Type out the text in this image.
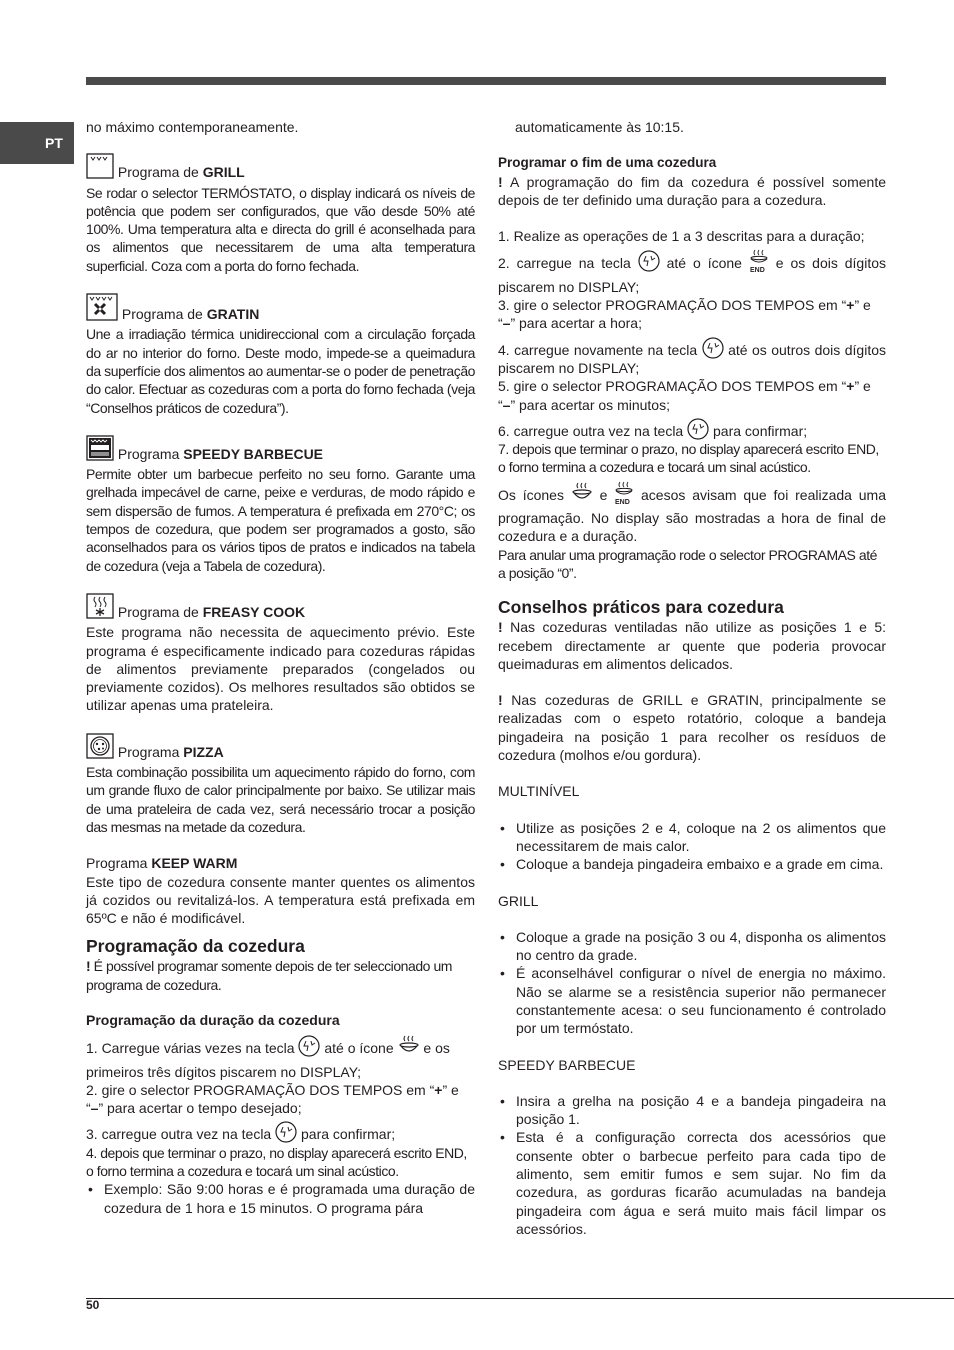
PT

no máximo contemporaneamente.

Programa de GRILL

Se rodar o selector TERMÓSTATO, o display indicará os níveis de potência que podem ser configurados, que vão desde 50% até 100%. Uma temperatura alta e directa do grill é aconselhada para os alimentos que necessitarem de uma alta temperatura superficial. Coza com a porta do forno fechada.

Programa de GRATIN

Une a irradiação térmica unidireccional com a circulação forçada do ar no interior do forno. Deste modo, impede-se a queimadura da superfície dos alimentos ao aumentar-se o poder de penetração do calor. Efectuar as cozeduras com a porta do forno fechada (veja “Conselhos práticos de cozedura”).

Programa SPEEDY BARBECUE

Permite obter um barbecue perfeito no seu forno. Garante uma grelhada impecável de carne, peixe e verduras, de modo rápido e sem dispersão de fumos. A temperatura é prefixada em 270°C; os tempos de cozedura, que podem ser programados a gosto, são aconselhados para os vários tipos de pratos e indicados na tabela de cozedura (veja a Tabela de cozedura).

Programa de FREASY COOK

Este programa não necessita de aquecimento prévio. Este programa é especificamente indicado para cozeduras rápidas de alimentos previamente preparados (congelados ou previamente cozidos). Os melhores resultados são obtidos se utilizar apenas uma prateleira.

Programa PIZZA

Esta combinação possibilita um aquecimento rápido do forno, com um grande fluxo de calor principalmente por baixo. Se utilizar mais de uma prateleira de cada vez, será necessário trocar a posição das mesmas na metade da cozedura.

Programa KEEP WARM

Este tipo de cozedura consente manter quentes os alimentos já cozidos ou revitalizá-los. A temperatura está prefixada em 65ºC e não é modificável.

Programação da cozedura

! É possível programar somente depois de ter seleccionado um programa de cozedura.

Programação da duração da cozedura

1. Carregue várias vezes na tecla  até o ícone  e os primeiros três dígitos piscarem no DISPLAY;

2. gire o selector PROGRAMAÇÃO DOS TEMPOS em “+” e “–” para acertar o tempo desejado;

3. carregue outra vez na tecla  para confirmar;

4. depois que terminar o prazo, no display aparecerá escrito END, o forno termina a cozedura e tocará um sinal acústico.

• Exemplo: São 9:00 horas e é programada uma duração de cozedura de 1 hora e 15 minutos. O programa pára

automaticamente às 10:15.

Programar o fim de uma cozedura

! A programação do fim da cozedura é possível somente depois de ter definido uma duração para a cozedura.

1. Realize as operações de 1 a 3 descritas para a duração;

2. carregue na tecla  até o ícone END e os dois dígitos piscarem no DISPLAY;

3. gire o selector PROGRAMAÇÃO DOS TEMPOS em “+” e “–” para acertar a hora;

4. carregue novamente na tecla  até os outros dois dígitos piscarem no DISPLAY;

5. gire o selector PROGRAMAÇÃO DOS TEMPOS em “+” e “–” para acertar os minutos;

6. carregue outra vez na tecla  para confirmar;

7. depois que terminar o prazo, no display aparecerá escrito END, o forno termina a cozedura e tocará um sinal acústico.

Os ícones  e END acesos avisam que foi realizada uma programação. No display são mostradas a hora de final de cozedura e a duração.

Para anular uma programação rode o selector PROGRAMAS até a posição “0”.

Conselhos práticos para cozedura

! Nas cozeduras ventiladas não utilize as posições 1 e 5: recebem directamente ar quente que poderia provocar queimaduras em alimentos delicados.

! Nas cozeduras de GRILL e GRATIN, principalmente se realizadas com o espeto rotatório, coloque a bandeja pingadeira na posição 1 para recolher os resíduos de cozedura (molhos e/ou gordura).

MULTINÍVEL

• Utilize as posições 2 e 4, coloque na 2 os alimentos que necessitarem de mais calor.
• Coloque a bandeja pingadeira embaixo e a grade em cima.

GRILL

• Coloque a grade na posição 3 ou 4, disponha os alimentos no centro da grade.
• É aconselhável configurar o nível de energia no máximo. Não se alarme se a resistência superior não permanecer constantemente acesa: o seu funcionamento é controlado por um termóstato.

SPEEDY BARBECUE

• Insira a grelha na posição 4 e a bandeja pingadeira na posição 1.
• Esta é a configuração correcta dos acessórios que consente obter o barbecue perfeito para cada tipo de alimento, sem emitir fumos e sem sujar. No fim da cozedura, as gorduras ficarão acumuladas na bandeja pingadeira com água e será muito mais fácil limpar os acessórios.
50
